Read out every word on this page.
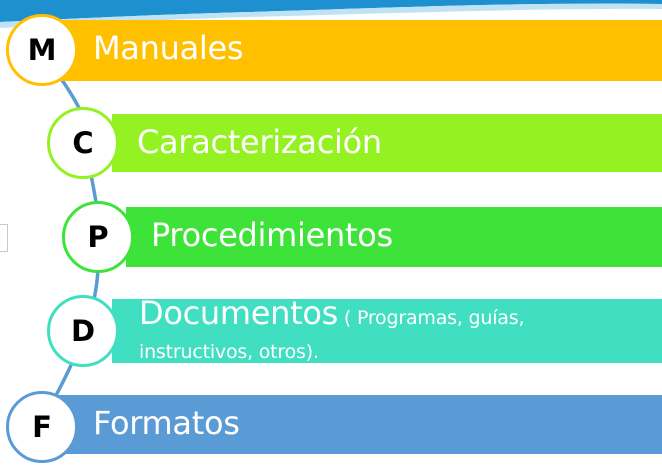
Manuales
M
Caracterización
C
Procedimientos
P
Documentos ( Programas, guías,
instructivos, otros).
D
Formatos
F
